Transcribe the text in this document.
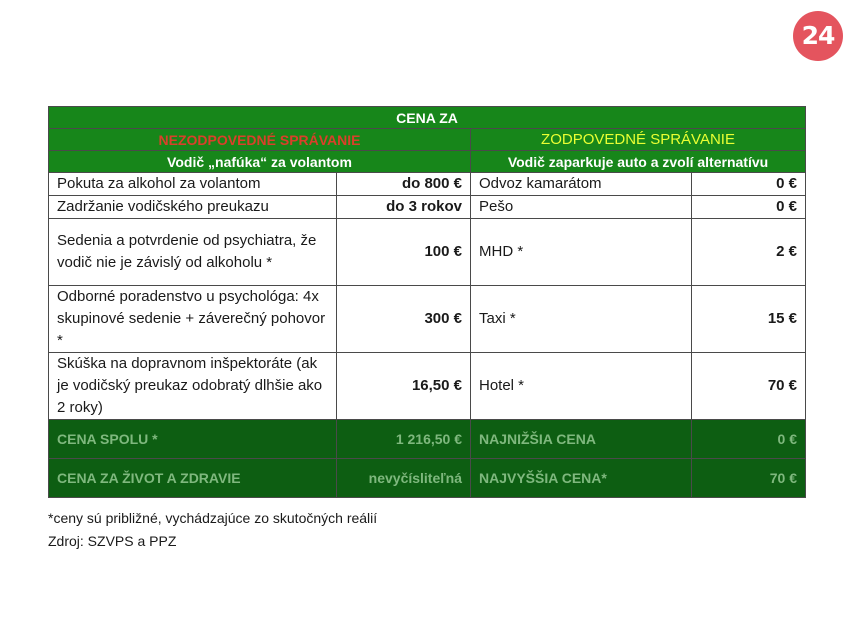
24
CENA ZA			
NEZODPOVEDNÉ SPRÁVANIE		ZODPOVEDNÉ SPRÁVANIE	
Vodič „nafúka“ za volantom		Vodič zaparkuje auto a zvolí alternatívu	
Pokuta za alkohol za volantom	do 800 €	Odvoz kamarátom	0 €
Zadržanie vodičského preukazu	do 3 rokov	Pešo	0 €
Sedenia a potvrdenie od psychiatra, že vodič nie je závislý od alkoholu *	100 €	MHD *	2 €
Odborné poradenstvo u psychológa: 4x skupinové sedenie + záverečný pohovor *	300 €	Taxi *	15 €
Skúška na dopravnom inšpektoráte (ak je vodičský preukaz odobratý dlhšie ako 2 roky)	16,50 €	Hotel *	70 €
CENA SPOLU *	1 216,50 €	NAJNIŽŠIA CENA	0 €
CENA ZA ŽIVOT A ZDRAVIE	nevyčísliteľná	NAJVYŠŠIA CENA*	70 €
*ceny sú približné, vychádzajúce zo skutočných reálií
Zdroj: SZVPS a PPZ
